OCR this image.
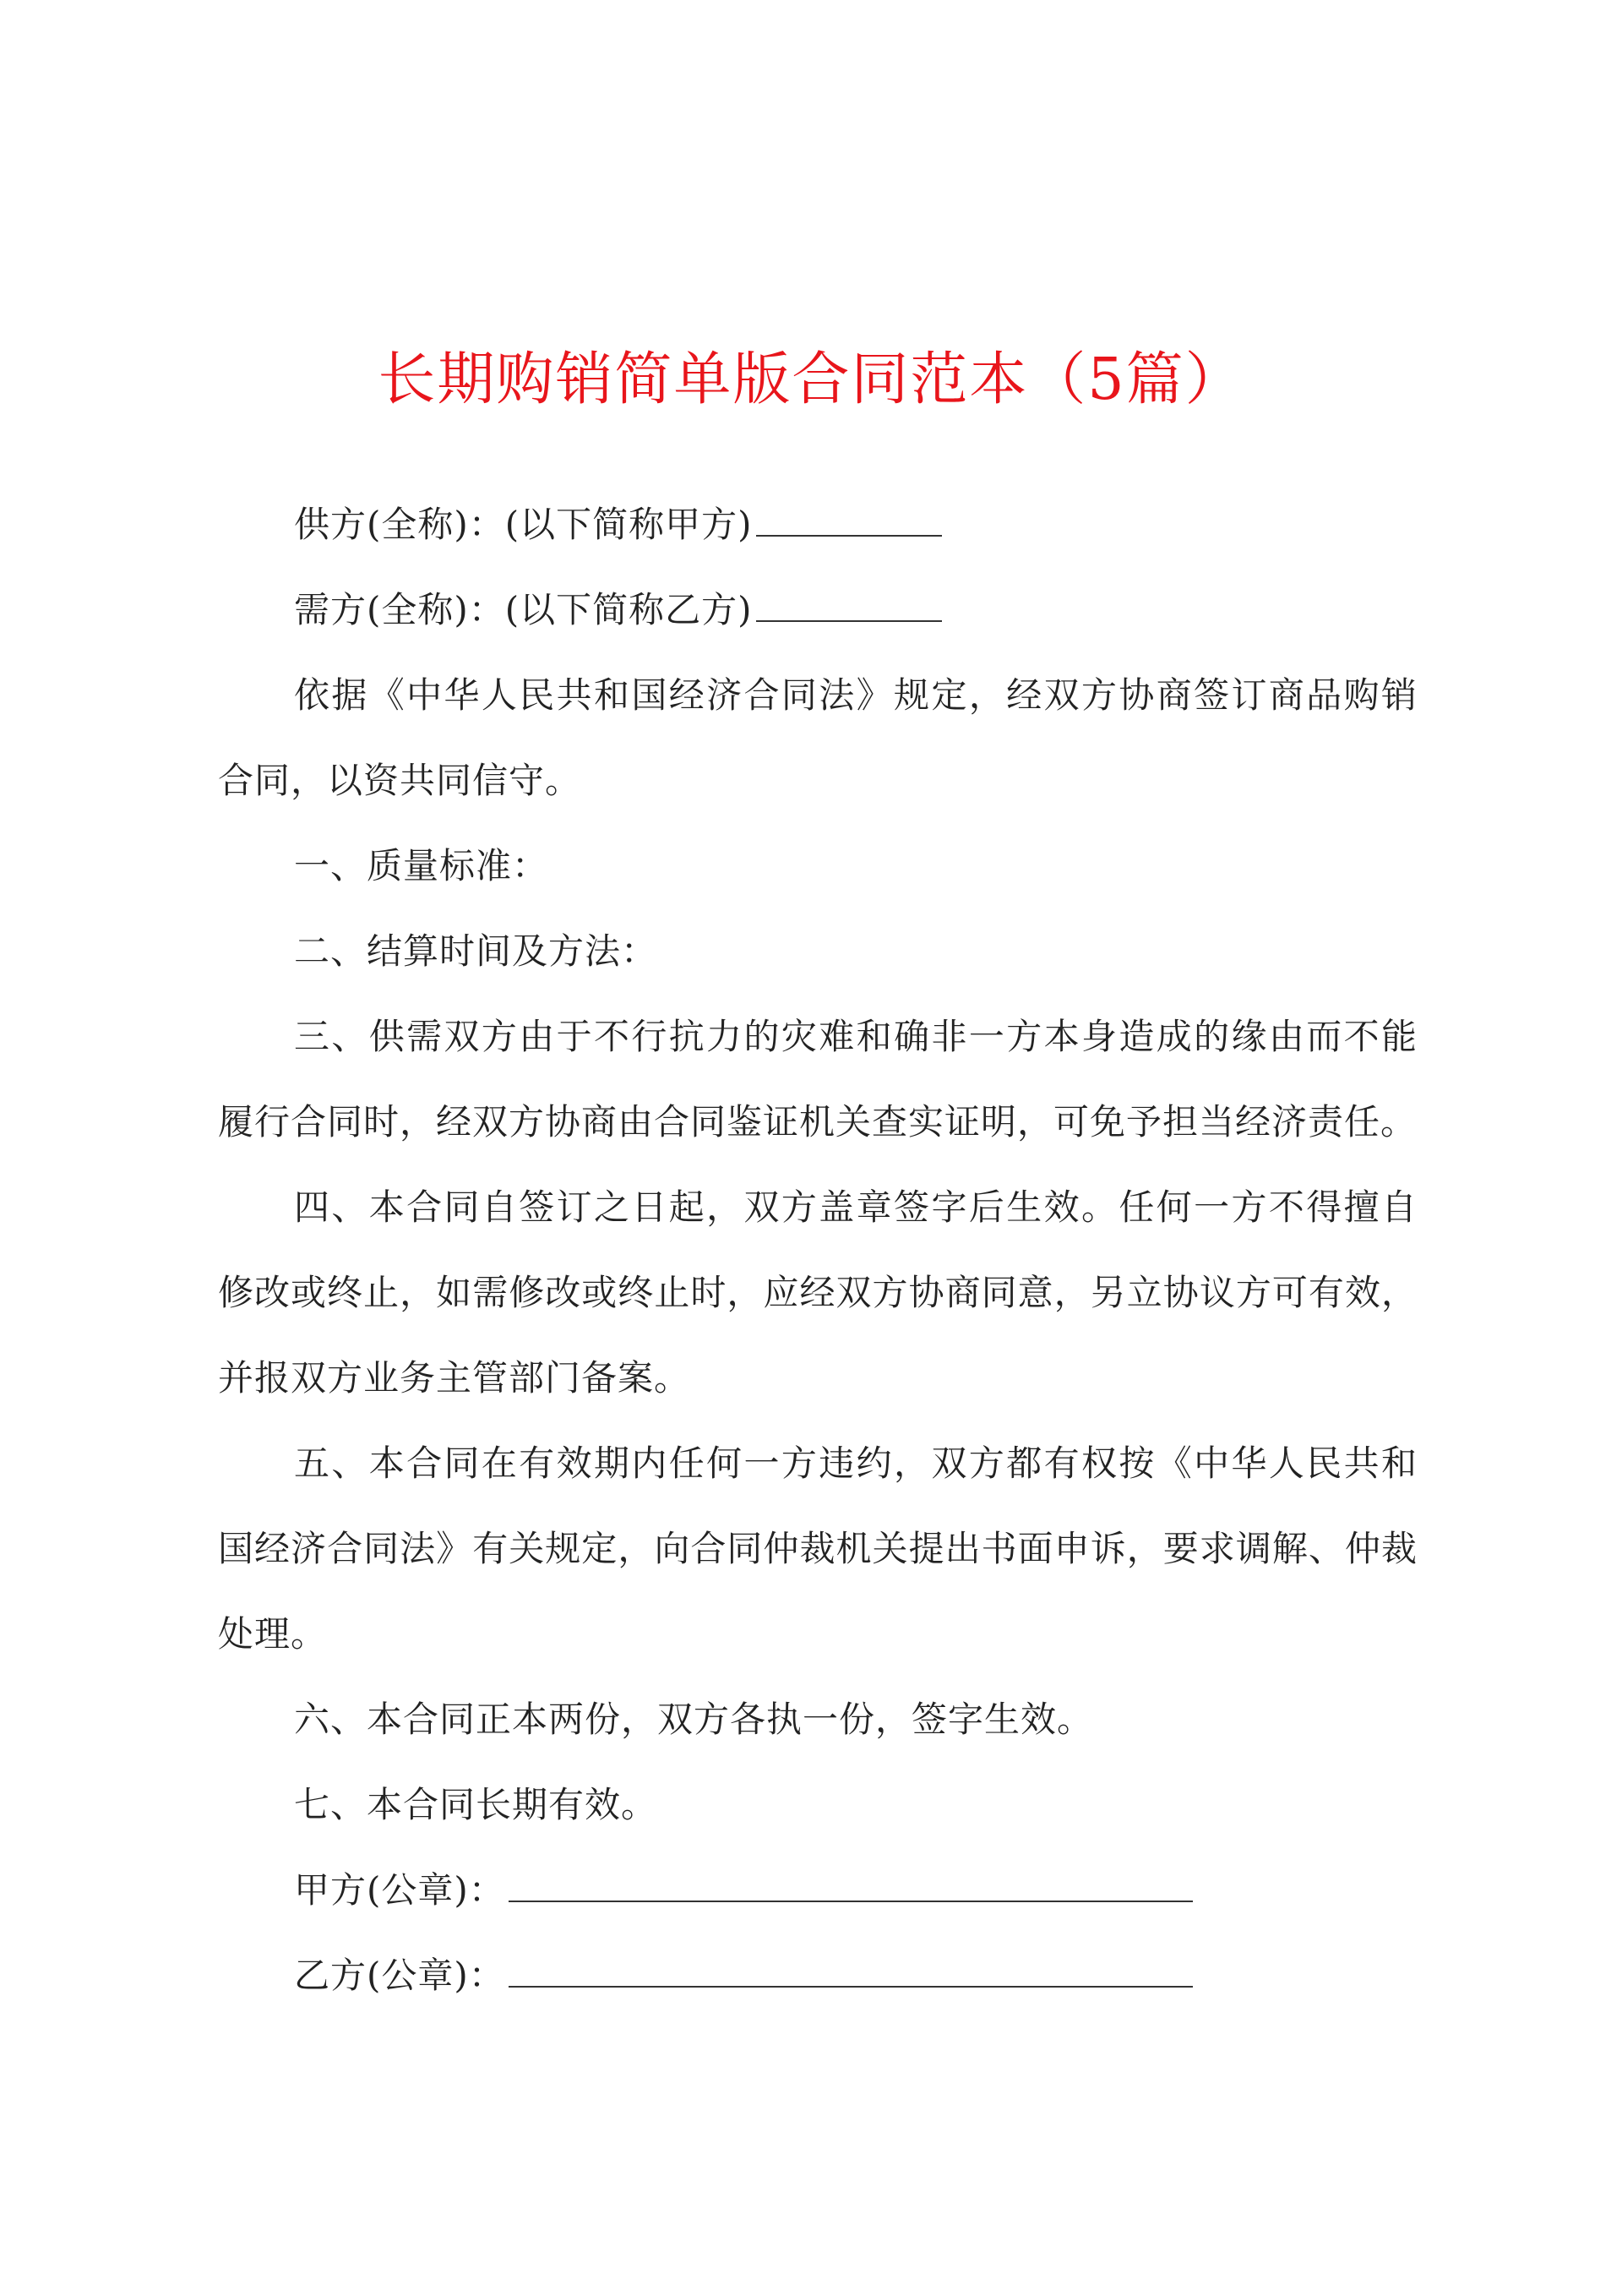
长期购销简单版合同范本（5篇）

供方(全称)：(以下简称甲方)

需方(全称)：(以下简称乙方)

依据《中华人民共和国经济合同法》规定，经双方协商签订商品购销合同，以资共同信守。

一、质量标准：

二、结算时间及方法：

三、供需双方由于不行抗力的灾难和确非一方本身造成的缘由而不能履行合同时，经双方协商由合同鉴证机关查实证明，可免予担当经济责任。

四、本合同自签订之日起，双方盖章签字后生效。任何一方不得擅自修改或终止，如需修改或终止时，应经双方协商同意，另立协议方可有效，并报双方业务主管部门备案。

五、本合同在有效期内任何一方违约，双方都有权按《中华人民共和国经济合同法》有关规定，向合同仲裁机关提出书面申诉，要求调解、仲裁处理。

六、本合同正本两份，双方各执一份，签字生效。

七、本合同长期有效。

甲方(公章)：

乙方(公章)：
